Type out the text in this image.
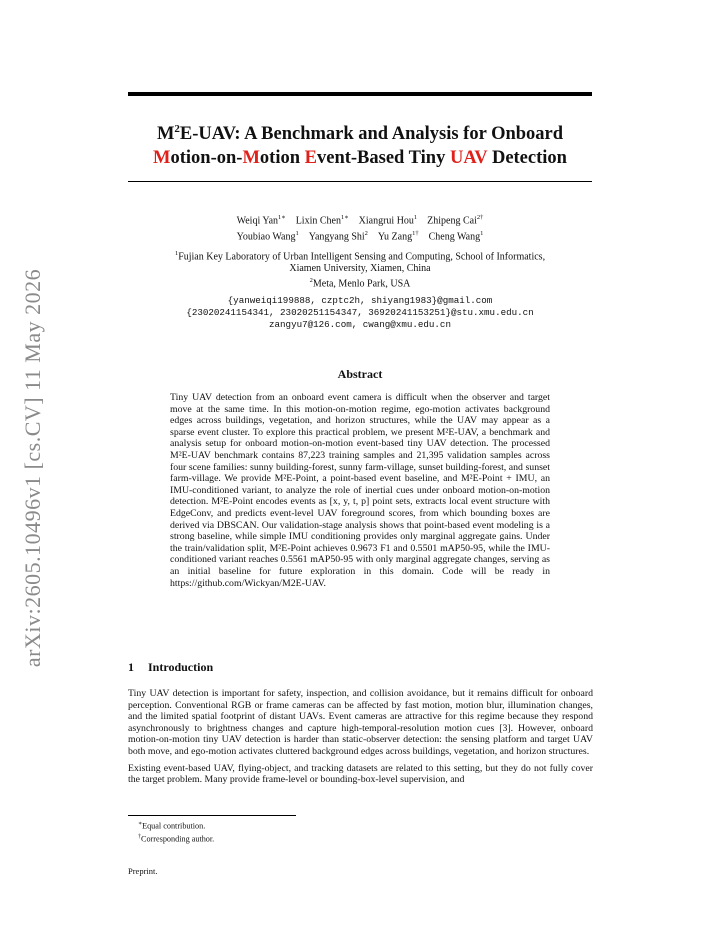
arXiv:2605.10496v1 [cs.CV] 11 May 2026
$M^2E$-UAV: A Benchmark and Analysis for Onboard
Motion-on-Motion Event-Based Tiny UAV Detection
Weiqi Yan$^{1∗}$ Lixin Chen$^{1∗}$ Xiangrui Hou$^1$ Zhipeng Cai$^{2\dagger}$
Youbiao Wang$^1$ Yangyang Shi$^2$ Yu Zang$^{1\dagger}$ Cheng Wang$^1$
$^1$Fujian Key Laboratory of Urban Intelligent Sensing and Computing, School of Informatics,
Xiamen University, Xiamen, China
$^2$Meta, Menlo Park, USA
{yanweiqi199888, czptc2h, shiyang1983}@gmail.com
{23020241154341, 23020251154347, 36920241153251}@stu.xmu.edu.cn
zangyu7@126.com, cwang@xmu.edu.cn
Abstract

Tiny UAV detection from an onboard event camera is difficult when the observer and target move at the same time. In this motion-on-motion regime, ego-motion activates background edges across buildings, vegetation, and horizon structures, while the UAV may appear as a sparse event cluster. To explore this practical problem, we present M²E-UAV, a benchmark and analysis setup for onboard motion-on-motion event-based tiny UAV detection. The processed M²E-UAV benchmark contains 87,223 training samples and 21,395 validation samples across four scene families: sunny building-forest, sunny farm-village, sunset building-forest, and sunset farm-village. We provide M²E-Point, a point-based event baseline, and M²E-Point + IMU, an IMU-conditioned variant, to analyze the role of inertial cues under onboard motion-on-motion detection. M²E-Point encodes events as [x, y, t, p] point sets, extracts local event structure with EdgeConv, and predicts event-level UAV foreground scores, from which bounding boxes are derived via DBSCAN. Our validation-stage analysis shows that point-based event modeling is a strong baseline, while simple IMU conditioning provides only marginal aggregate gains. Under the train/validation split, M²E-Point achieves 0.9673 F1 and 0.5501 mAP50-95, while the IMU-conditioned variant reaches 0.5561 mAP50-95 with only marginal aggregate changes, serving as an initial baseline for future exploration in this domain. Code will be ready in https://github.com/Wickyan/M2E-UAV.

1 Introduction

Tiny UAV detection is important for safety, inspection, and collision avoidance, but it remains difficult for onboard perception. Conventional RGB or frame cameras can be affected by fast motion, motion blur, illumination changes, and the limited spatial footprint of distant UAVs. Event cameras are attractive for this regime because they respond asynchronously to brightness changes and capture high-temporal-resolution motion cues [3]. However, onboard motion-on-motion tiny UAV detection is harder than static-observer detection: the sensing platform and target UAV both move, and ego-motion activates cluttered background edges across buildings, vegetation, and horizon structures.

Existing event-based UAV, flying-object, and tracking datasets are related to this setting, but they do not fully cover the target problem. Many provide frame-level or bounding-box-level supervision, and

∗Equal contribution.
†Corresponding author.
Preprint.
